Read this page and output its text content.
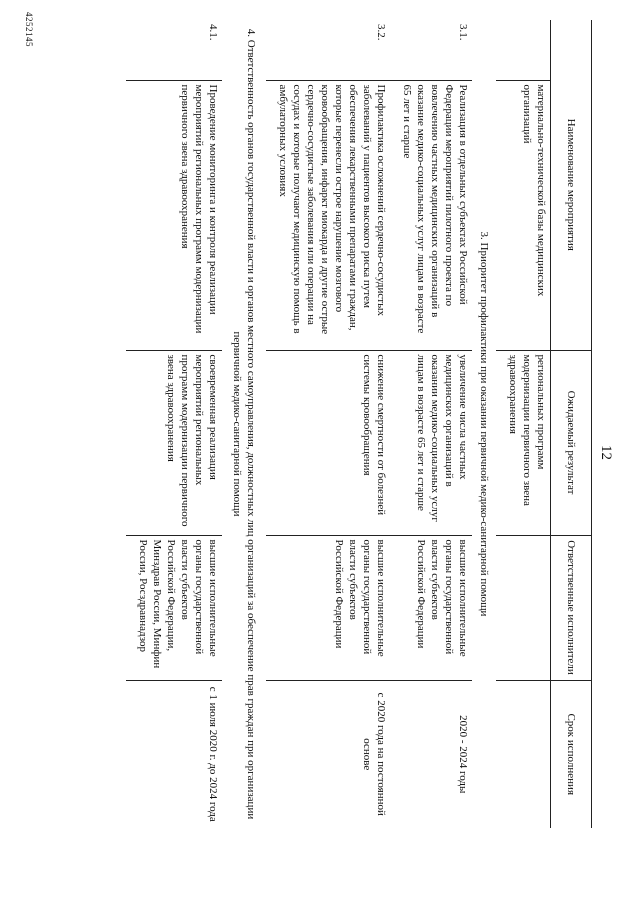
12
4252145
Наименование мероприятия		Ожидаемый результат	Ответственные исполнители	Срок исполнения
	материально-технической базы медицинских организаций	региональных программ модернизации первичного звена здравоохранения		
3. Приоритет профилактики при оказании первичной медико-санитарной помощи				
3.1.	Реализация в отдельных субъектах Российской Федерации мероприятий пилотного проекта по вовлечению частных медицинских организаций в оказание медико-социальных услуг лицам в возрасте 65 лет и старше	увеличение числа частных медицинских организаций в оказании медико-социальных услуг лицам в возрасте 65 лет и старше	высшие исполнительные органы государственной власти субъектов Российской Федерации	2020 - 2024 годы
3.2.	Профилактика осложнений сердечно-сосудистых заболеваний у пациентов высокого риска путем обеспечения лекарственными препаратами граждан, которые перенесли острое нарушение мозгового кровообращения, инфаркт миокарда и другие острые сердечно-сосудистые заболевания или операции на сосудах и которые получают медицинскую помощь в амбулаторных условиях	снижение смертности от болезней системы кровообращения	высшие исполнительные органы государственной власти субъектов Российской Федерации	с 2020 года на постоянной основе
4. Ответственность органов государственной власти и органов местного самоуправления, должностных лиц организаций за обеспечение прав граждан при организации первичной медико-санитарной помощи				
4.1.	Проведение мониторинга и контроля реализации мероприятий региональных программ модернизации первичного звена здравоохранения	своевременная реализация мероприятий региональных программ модернизации первичного звена здравоохранения	высшие исполнительные органы государственной власти субъектов Российской Федерации, Минздрав России, Минфин России, Росздравнадзор	с 1 июля 2020 г. до 2024 года
